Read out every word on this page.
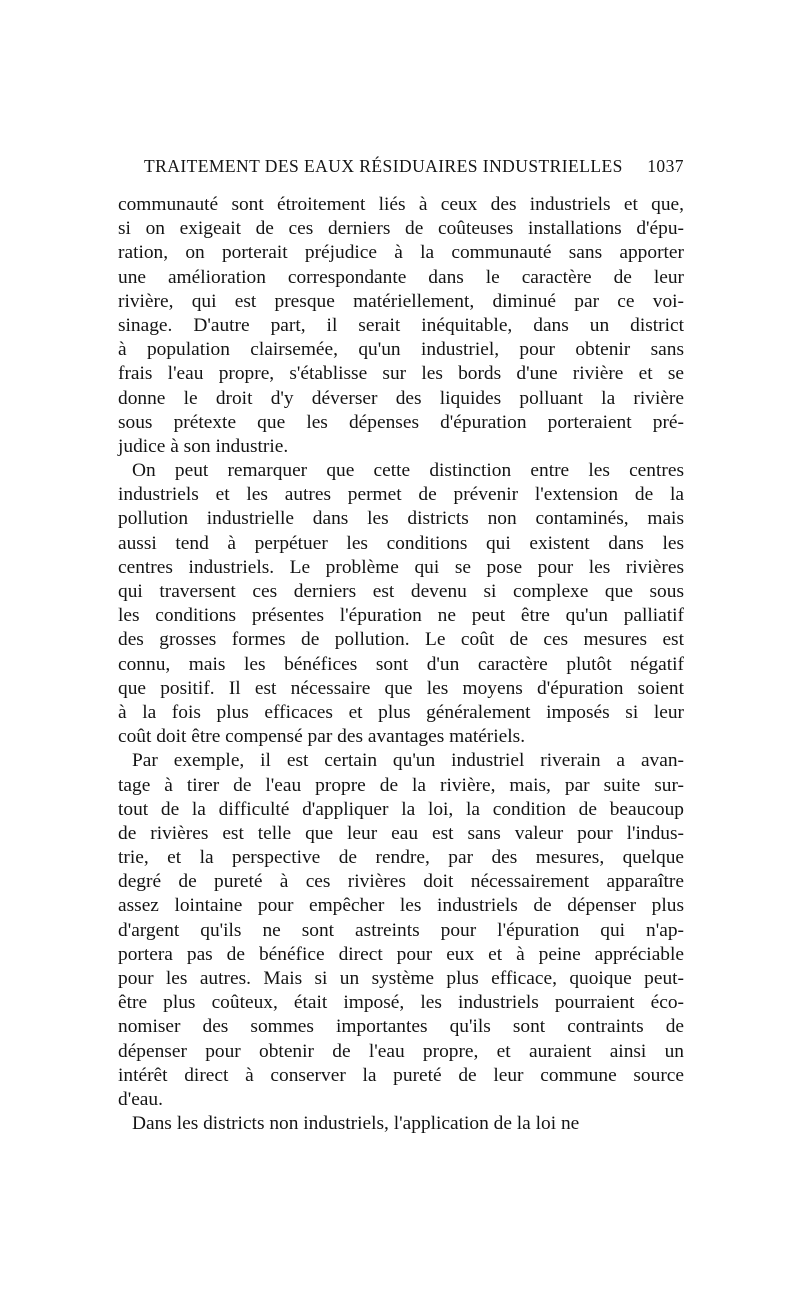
TRAITEMENT DES EAUX RÉSIDUAIRES INDUSTRIELLES 1037
communauté sont étroitement liés à ceux des industriels et que,
si on exigeait de ces derniers de coûteuses installations d'épu-
ration, on porterait préjudice à la communauté sans apporter
une amélioration correspondante dans le caractère de leur
rivière, qui est presque matériellement, diminué par ce voi-
sinage. D'autre part, il serait inéquitable, dans un district
à population clairsemée, qu'un industriel, pour obtenir sans
frais l'eau propre, s'établisse sur les bords d'une rivière et se
donne le droit d'y déverser des liquides polluant la rivière
sous prétexte que les dépenses d'épuration porteraient pré-
judice à son industrie.
On peut remarquer que cette distinction entre les centres
industriels et les autres permet de prévenir l'extension de la
pollution industrielle dans les districts non contaminés, mais
aussi tend à perpétuer les conditions qui existent dans les
centres industriels. Le problème qui se pose pour les rivières
qui traversent ces derniers est devenu si complexe que sous
les conditions présentes l'épuration ne peut être qu'un palliatif
des grosses formes de pollution. Le coût de ces mesures est
connu, mais les bénéfices sont d'un caractère plutôt négatif
que positif. Il est nécessaire que les moyens d'épuration soient
à la fois plus efficaces et plus généralement imposés si leur
coût doit être compensé par des avantages matériels.
Par exemple, il est certain qu'un industriel riverain a avan-
tage à tirer de l'eau propre de la rivière, mais, par suite sur-
tout de la difficulté d'appliquer la loi, la condition de beaucoup
de rivières est telle que leur eau est sans valeur pour l'indus-
trie, et la perspective de rendre, par des mesures, quelque
degré de pureté à ces rivières doit nécessairement apparaître
assez lointaine pour empêcher les industriels de dépenser plus
d'argent qu'ils ne sont astreints pour l'épuration qui n'ap-
portera pas de bénéfice direct pour eux et à peine appréciable
pour les autres. Mais si un système plus efficace, quoique peut-
être plus coûteux, était imposé, les industriels pourraient éco-
nomiser des sommes importantes qu'ils sont contraints de
dépenser pour obtenir de l'eau propre, et auraient ainsi un
intérêt direct à conserver la pureté de leur commune source
d'eau.
Dans les districts non industriels, l'application de la loi ne
